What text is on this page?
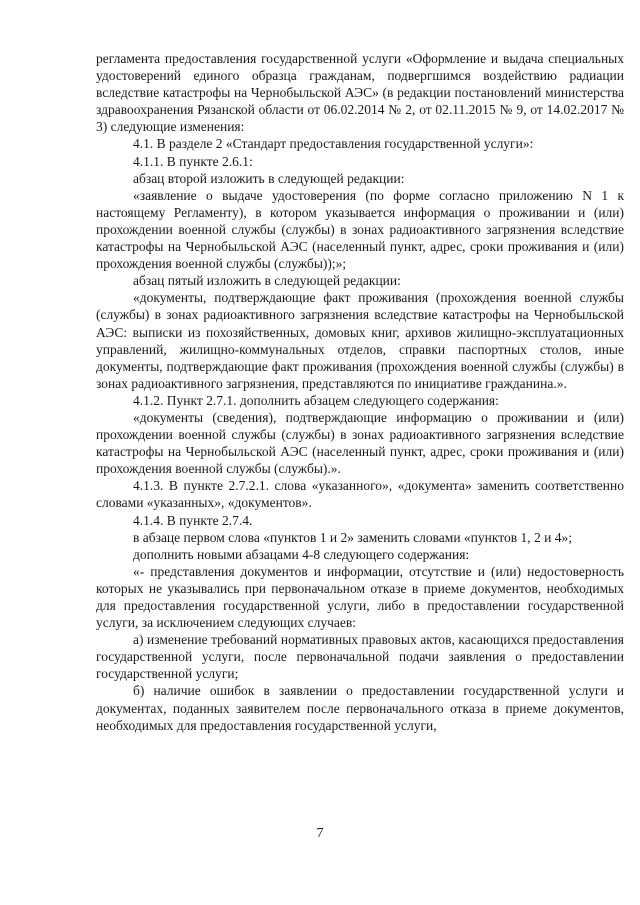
регламента предоставления государственной услуги «Оформление и выдача специальных удостоверений единого образца гражданам, подвергшимся воздействию радиации вследствие катастрофы на Чернобыльской АЭС» (в редакции постановлений министерства здравоохранения Рязанской области от 06.02.2014 № 2, от 02.11.2015 № 9, от 14.02.2017 № 3) следующие изменения:

4.1. В разделе 2 «Стандарт предоставления государственной услуги»:

4.1.1. В пункте 2.6.1:

абзац второй изложить в следующей редакции:

«заявление о выдаче удостоверения (по форме согласно приложению N 1 к настоящему Регламенту), в котором указывается информация о проживании и (или) прохождении военной службы (службы) в зонах радиоактивного загрязнения вследствие катастрофы на Чернобыльской АЭС (населенный пункт, адрес, сроки проживания и (или) прохождения военной службы (службы));»;

абзац пятый изложить в следующей редакции:

«документы, подтверждающие факт проживания (прохождения военной службы (службы) в зонах радиоактивного загрязнения вследствие катастрофы на Чернобыльской АЭС: выписки из похозяйственных, домовых книг, архивов жилищно-эксплуатационных управлений, жилищно-коммунальных отделов, справки паспортных столов, иные документы, подтверждающие факт проживания (прохождения военной службы (службы) в зонах радиоактивного загрязнения, представляются по инициативе гражданина.».

4.1.2. Пункт 2.7.1. дополнить абзацем следующего содержания:

«документы (сведения), подтверждающие информацию о проживании и (или) прохождении военной службы (службы) в зонах радиоактивного загрязнения вследствие катастрофы на Чернобыльской АЭС (населенный пункт, адрес, сроки проживания и (или) прохождения военной службы (службы).».

4.1.3. В пункте 2.7.2.1. слова «указанного», «документа» заменить соответственно словами «указанных», «документов».

4.1.4. В пункте 2.7.4.

в абзаце первом слова «пунктов 1 и 2» заменить словами «пунктов 1, 2 и 4»;

дополнить новыми абзацами 4-8 следующего содержания:

«- представления документов и информации, отсутствие и (или) недостоверность которых не указывались при первоначальном отказе в приеме документов, необходимых для предоставления государственной услуги, либо в предоставлении государственной услуги, за исключением следующих случаев:

а) изменение требований нормативных правовых актов, касающихся предоставления государственной услуги, после первоначальной подачи заявления о предоставлении государственной услуги;

б) наличие ошибок в заявлении о предоставлении государственной услуги и документах, поданных заявителем после первоначального отказа в приеме документов, необходимых для предоставления государственной услуги,

7
